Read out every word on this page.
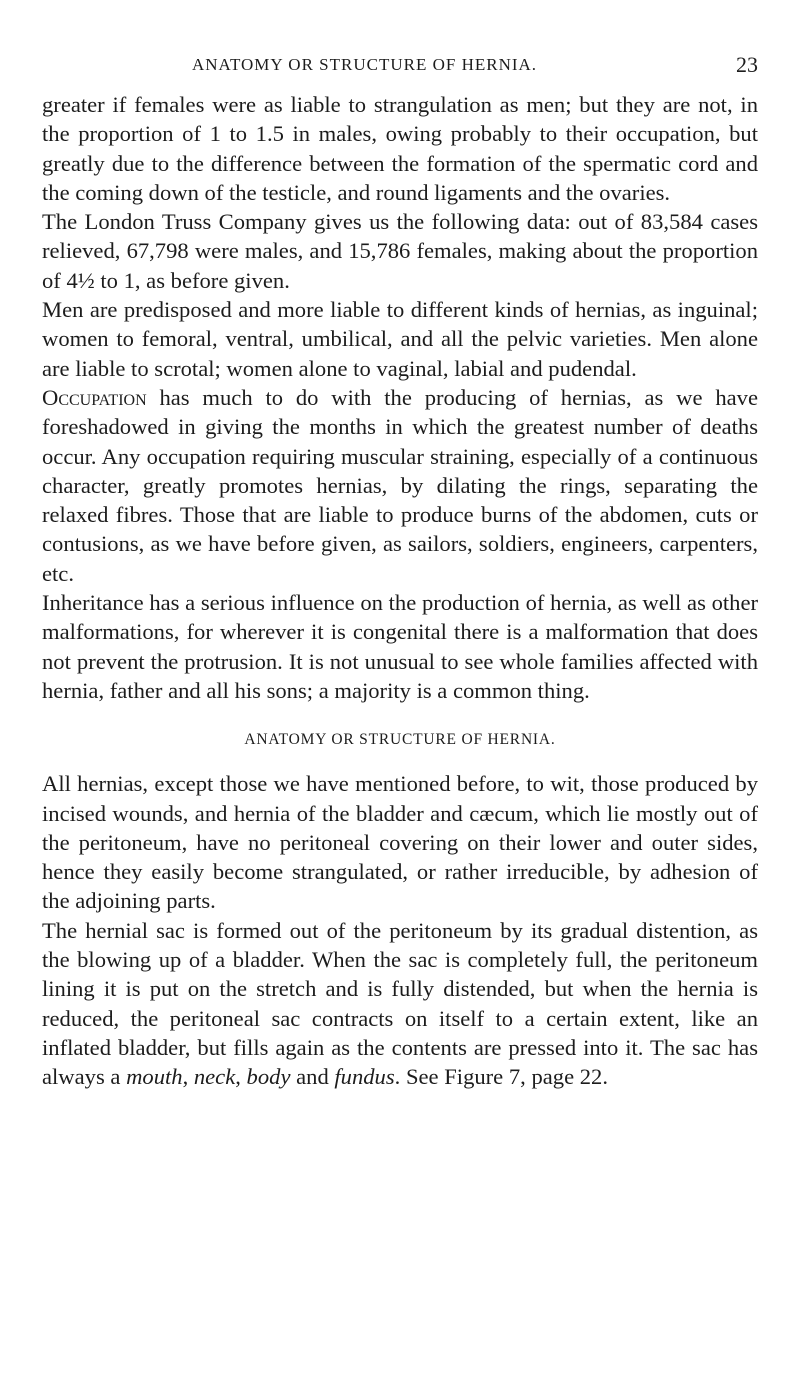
ANATOMY OR STRUCTURE OF HERNIA.	23

greater if females were as liable to strangulation as men; but they are not, in the proportion of 1 to 1.5 in males, owing probably to their occupation, but greatly due to the difference between the formation of the spermatic cord and the coming down of the testicle, and round ligaments and the ovaries.

The London Truss Company gives us the following data: out of 83,584 cases relieved, 67,798 were males, and 15,786 females, making about the proportion of 4½ to 1, as before given.

Men are predisposed and more liable to different kinds of hernias, as inguinal; women to femoral, ventral, umbilical, and all the pelvic varieties. Men alone are liable to scrotal; women alone to vaginal, labial and pudendal.

Occupation has much to do with the producing of hernias, as we have foreshadowed in giving the months in which the greatest number of deaths occur. Any occupation requiring muscular straining, especially of a continuous character, greatly promotes hernias, by dilating the rings, separating the relaxed fibres. Those that are liable to produce burns of the abdomen, cuts or contusions, as we have before given, as sailors, soldiers, engineers, carpenters, etc.

Inheritance has a serious influence on the production of hernia, as well as other malformations, for wherever it is congenital there is a malformation that does not prevent the protrusion. It is not unusual to see whole families affected with hernia, father and all his sons; a majority is a common thing.

ANATOMY OR STRUCTURE OF HERNIA.

All hernias, except those we have mentioned before, to wit, those produced by incised wounds, and hernia of the bladder and cæcum, which lie mostly out of the peritoneum, have no peritoneal covering on their lower and outer sides, hence they easily become strangulated, or rather irreducible, by adhesion of the adjoining parts.

The hernial sac is formed out of the peritoneum by its gradual distention, as the blowing up of a bladder. When the sac is completely full, the peritoneum lining it is put on the stretch and is fully distended, but when the hernia is reduced, the peritoneal sac contracts on itself to a certain extent, like an inflated bladder, but fills again as the contents are pressed into it. The sac has always a mouth, neck, body and fundus. See Figure 7, page 22.
